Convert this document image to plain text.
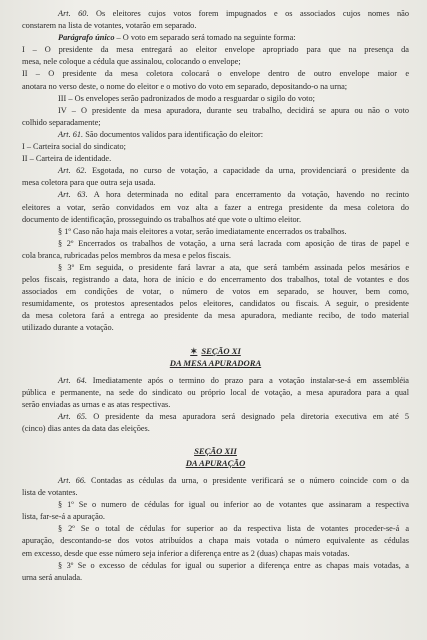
Art. 60. Os eleitores cujos votos forem impugnados e os associados cujos nomes não
constarem na lista de votantes, votarão em separado.
Parágrafo único – O voto em separado será tomado na seguinte forma:
I – O presidente da mesa entregará ao eleitor envelope apropriado para que na presença da
mesa, nele coloque a cédula que assinalou, colocando o envelope;
II – O presidente da mesa coletora colocará o envelope dentro de outro envelope maior e
anotara no verso deste, o nome do eleitor e o motivo do voto em separado, depositando-o na urna;
III – Os envelopes serão padronizados de modo a resguardar o sigilo do voto;
IV – O presidente da mesa apuradora, durante seu trabalho, decidirá se apura ou não o voto
colhido separadamente;
Art. 61. São documentos validos para identificação do eleitor:
I – Carteira social do sindicato;
II – Carteira de identidade.
Art. 62. Esgotada, no curso de votação, a capacidade da urna, providenciará o presidente da
mesa coletora para que outra seja usada.
Art. 63. A hora determinada no edital para encerramento da votação, havendo no recinto
eleitores a votar, serão convidados em voz alta a fazer a entrega presidente da mesa coletora do
documento de identificação, prosseguindo os trabalhos até que vote o ultimo eleitor.
§ 1º Caso não haja mais eleitores a votar, serão imediatamente encerrados os trabalhos.
§ 2º Encerrados os trabalhos de votação, a urna será lacrada com aposição de tiras de papel e
cola branca, rubricadas pelos membros da mesa e pelos fiscais.
§ 3º Em seguida, o presidente fará lavrar a ata, que será também assinada pelos mesários e
pelos fiscais, registrando a data, hora de início e do encerramento dos trabalhos, total de votantes e dos
associados em condições de votar, o número de votos em separado, se houver, bem como,
resumidamente, os protestos apresentados pelos eleitores, candidatos ou fiscais. A seguir, o presidente
da mesa coletora fará a entrega ao presidente da mesa apuradora, mediante recibo, de todo material
utilizado durante a votação.
✶ SEÇÃO XI
DA MESA APURADORA
Art. 64. Imediatamente após o termino do prazo para a votação instalar-se-á em assembléia
pública e permanente, na sede do sindicato ou próprio local de votação, a mesa apuradora para a qual
serão enviadas as urnas e as atas respectivas.
Art. 65. O presidente da mesa apuradora será designado pela diretoria executiva em até 5
(cinco) dias antes da data das eleições.
SEÇÃO XII
DA APURAÇÃO
Art. 66. Contadas as cédulas da urna, o presidente verificará se o número coincide com o da
lista de votantes.
§ 1º Se o numero de cédulas for igual ou inferior ao de votantes que assinaram a respectiva
lista, far-se-á a apuração.
§ 2º Se o total de cédulas for superior ao da respectiva lista de votantes proceder-se-á a
apuração, descontando-se dos votos atribuídos a chapa mais votada o número equivalente as cédulas
em excesso, desde que esse número seja inferior a diferença entre as 2 (duas) chapas mais votadas.
§ 3º Se o excesso de cédulas for igual ou superior a diferença entre as chapas mais votadas, a
urna será anulada.
